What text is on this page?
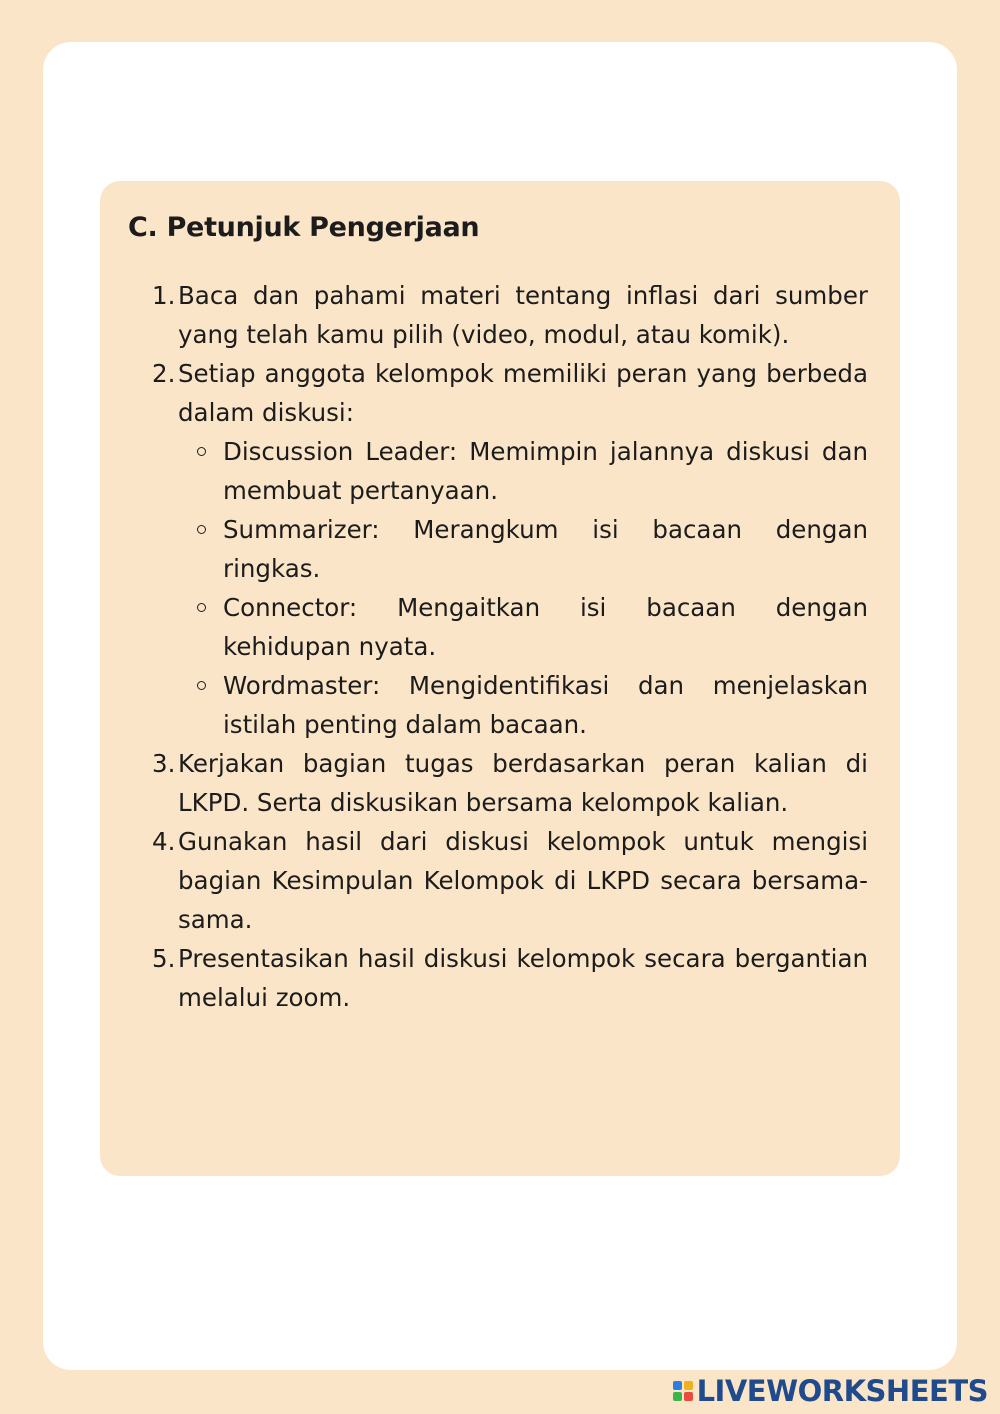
C. Petunjuk Pengerjaan
1. Baca dan pahami materi tentang inflasi dari sumber yang telah kamu pilih (video, modul, atau komik).
2. Setiap anggota kelompok memiliki peran yang berbeda dalam diskusi:
Discussion Leader: Memimpin jalannya diskusi dan membuat pertanyaan.
Summarizer: Merangkum isi bacaan dengan ringkas.
Connector: Mengaitkan isi bacaan dengan kehidupan nyata.
Wordmaster: Mengidentifikasi dan menjelaskan istilah penting dalam bacaan.
3. Kerjakan bagian tugas berdasarkan peran kalian di LKPD. Serta diskusikan bersama kelompok kalian.
4. Gunakan hasil dari diskusi kelompok untuk mengisi bagian Kesimpulan Kelompok di LKPD secara bersama-sama.
5. Presentasikan hasil diskusi kelompok secara bergantian melalui zoom.
LIVEWORKSHEETS
